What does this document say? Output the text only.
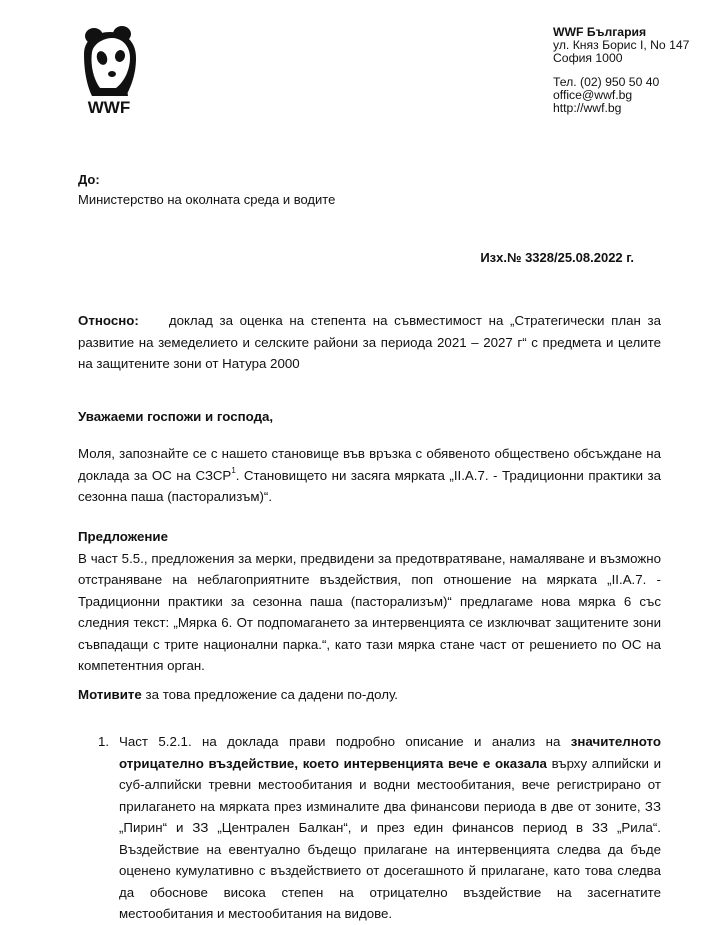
WWF
WWF България
ул. Княз Борис I, No 147
София 1000
Тел. (02) 950 50 40
office@wwf.bg
http://wwf.bg
До:
Министерство на околната среда и водите
Изх.№ 3328/25.08.2022 г.

Относно: доклад за оценка на степента на съвместимост на „Стратегически план за развитие на земеделието и селските райони за периода 2021 – 2027 г“ с предмета и целите на защитените зони от Натура 2000

Уважаеми госпожи и господа,

Моля, запознайте се с нашето становище във връзка с обявеното обществено обсъждане на доклада за ОС на СЗСР$^1$. Становището ни засяга мярката „II.A.7. - Традиционни практики за сезонна паша (пасторализъм)“.

Предложение
В част 5.5., предложения за мерки, предвидени за предотвратяване, намаляване и възможно отстраняване на неблагоприятните въздействия, поп отношение на мярката „II.A.7. - Традиционни практики за сезонна паша (пасторализъм)“ предлагаме нова мярка 6 със следния текст: „Мярка 6. От подпомагането за интервенцията се изключват защитените зони съвпадащи с трите национални парка.“, като тази мярка стане част от решението по ОС на компетентния орган.

Мотивите за това предложение са дадени по-долу.

1. Част 5.2.1. на доклада прави подробно описание и анализ на значителното отрицателно въздействие, което интервенцията вече е оказала върху алпийски и суб-алпийски тревни местообитания и водни местообитания, вече регистрирано от прилагането на мярката през изминалите два финансови периода в две от зоните, ЗЗ „Пирин“ и ЗЗ „Централен Балкан“, и през един финансов период в ЗЗ „Рила“. Въздействие на евентуално бъдещо прилагане на интервенцията следва да бъде оценено кумулативно с въздействието от досегашното й прилагане, като това следва да обоснове висока степен на отрицателно въздействие на засегнатите местообитания и местообитания на видове.
